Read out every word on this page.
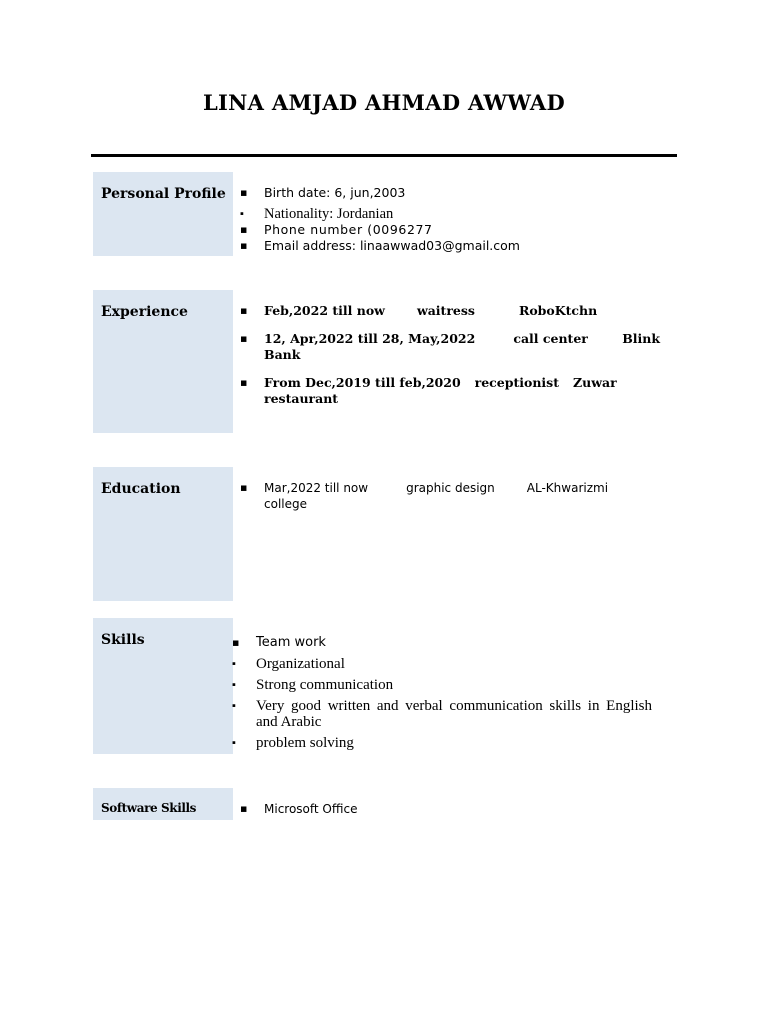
LINA AMJAD AHMAD AWWAD
Personal Profile	▪ Birth date: 6, jun,2003
▪ Nationality: Jordanian
▪ Phone number (0096277
▪ Email address: linaawwad03@gmail.com
Experience	▪ Feb,2022 till now	waitress	RoboKtchn
▪ 12, Apr,2022 till 28, May,2022	call center	Blink

Bank
▪ From Dec,2019 till feb,2020 receptionist Zuwar
restaurant
Education	▪ Mar,2022 till now	graphic design	AL-Khwarizmi
college
Skills	▪ Team work
▪ Organizational
▪ Strong communication
▪ Very good written and verbal communication skills in English and Arabic
▪ problem solving
Software Skills	▪ Microsoft Office
